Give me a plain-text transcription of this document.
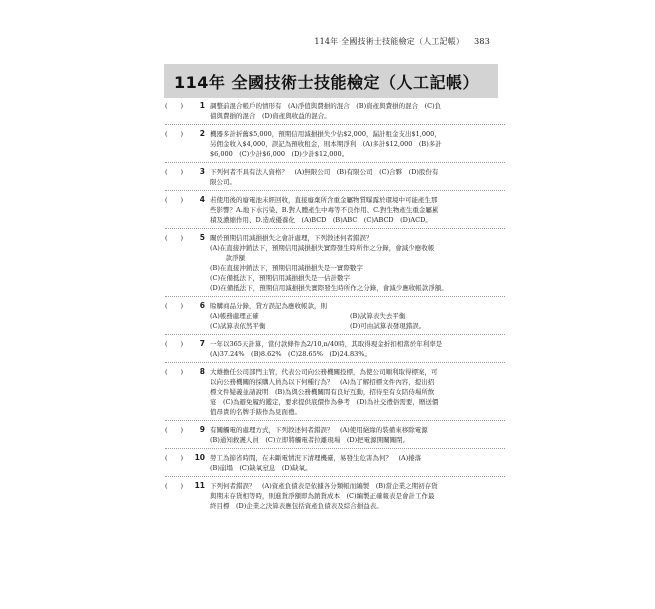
114年 全國技術士技能檢定（人工記帳） 383
114年 全國技術士技能檢定（人工記帳）
(　　)	1 調整前混合帳戶的情形有　(A)淨值與費損的混合　(B)資產與費損的混合　(C)負
債與費損的混合　(D)資產與收益的混合。
(　　)	2 機器多計折舊$5,000，預期信用減損損失少估$2,000，漏計租金支出$1,000，
另佣金收入$4,000，誤記為預收租金，則本期淨利　(A)多計$12,000　(B)多計
$6,000　(C)少計$6,000　(D)少計$12,000。
(　　)	3 下列何者不具有法人資格？　(A)無限公司　(B)有限公司　(C)合夥　(D)股份有
限公司。
(　　)	4 若使用後的廢電池未經回收，直接廢棄所含重金屬物質曝露於環境中可能產生那
些影響？A.地下水污染、B.對人體產生中毒等不良作用、C.對生物產生重金屬累
積及濃縮作用、D.造成優養化　(A)BCD　(B)ABC　(C)ABCD　(D)ACD。
(　　)	5 關於預期信用減損損失之會計處理，下列敘述何者錯誤？
(A)在直接沖銷法下，預期信用減損損失實際發生時所作之分錄，會減少應收帳
　款淨額
(B)在直接沖銷法下，預期信用減損損失是一實際數字
(C)在備抵法下，預期信用減損損失是一估計數字
(D)在備抵法下，預期信用減損損失實際發生時所作之分錄，會減少應收帳款淨額。
(　　)	6 賒購商品分錄，貸方誤記為應收帳款，則
(A)帳務處理正確	(B)試算表失去平衡
(C)試算表依然平衡	(D)可由試算表發現錯誤。
(　　)	7 一年以365天計算，當付款條件為2/10,n/40時，其取得現金折扣相當於年利率是
(A)37.24%　(B)8.62%　(C)28.65%　(D)24.83%。
(　　)	8 大雄擔任公司部門主管，代表公司向公務機關投標，為使公司順利取得標案，可
以向公務機關的採購人員為以下何種行為？　(A)為了解招標文件內容，提出招
標文件疑義並請說明　(B)為與公務機關間有良好互動，招待至有女陪侍場所飲
宴　(C)為避免履約鑑定，要求提供底價作為參考　(D)為社交禮俗需要，贈送價
值昂貴的名牌手錶作為見面禮。
(　　)	9 有關觸電的處理方式，下列敘述何者錯誤？　(A)使用絕緣的裝備來移除電源
(B)通知救護人員　(C)立即將觸電者拉離現場　(D)把電源開關關閉。
(　　) 10 勞工為節省時間，在未斷電情況下清理機臺，易發生危害為何？　(A)捲落
(B)崩塌　(C)缺氧窒息　(D)缺氧。
(　　) 11 下列何者錯誤？　(A)資產負債表是依據各分類帳而編製　(B)當企業之期初存貨
與期末存貨相等時，則進貨淨額即為銷貨成本　(C)編製正確報表是會計工作最
終目標　(D)企業之決算表應包括資產負債表及綜合損益表。
